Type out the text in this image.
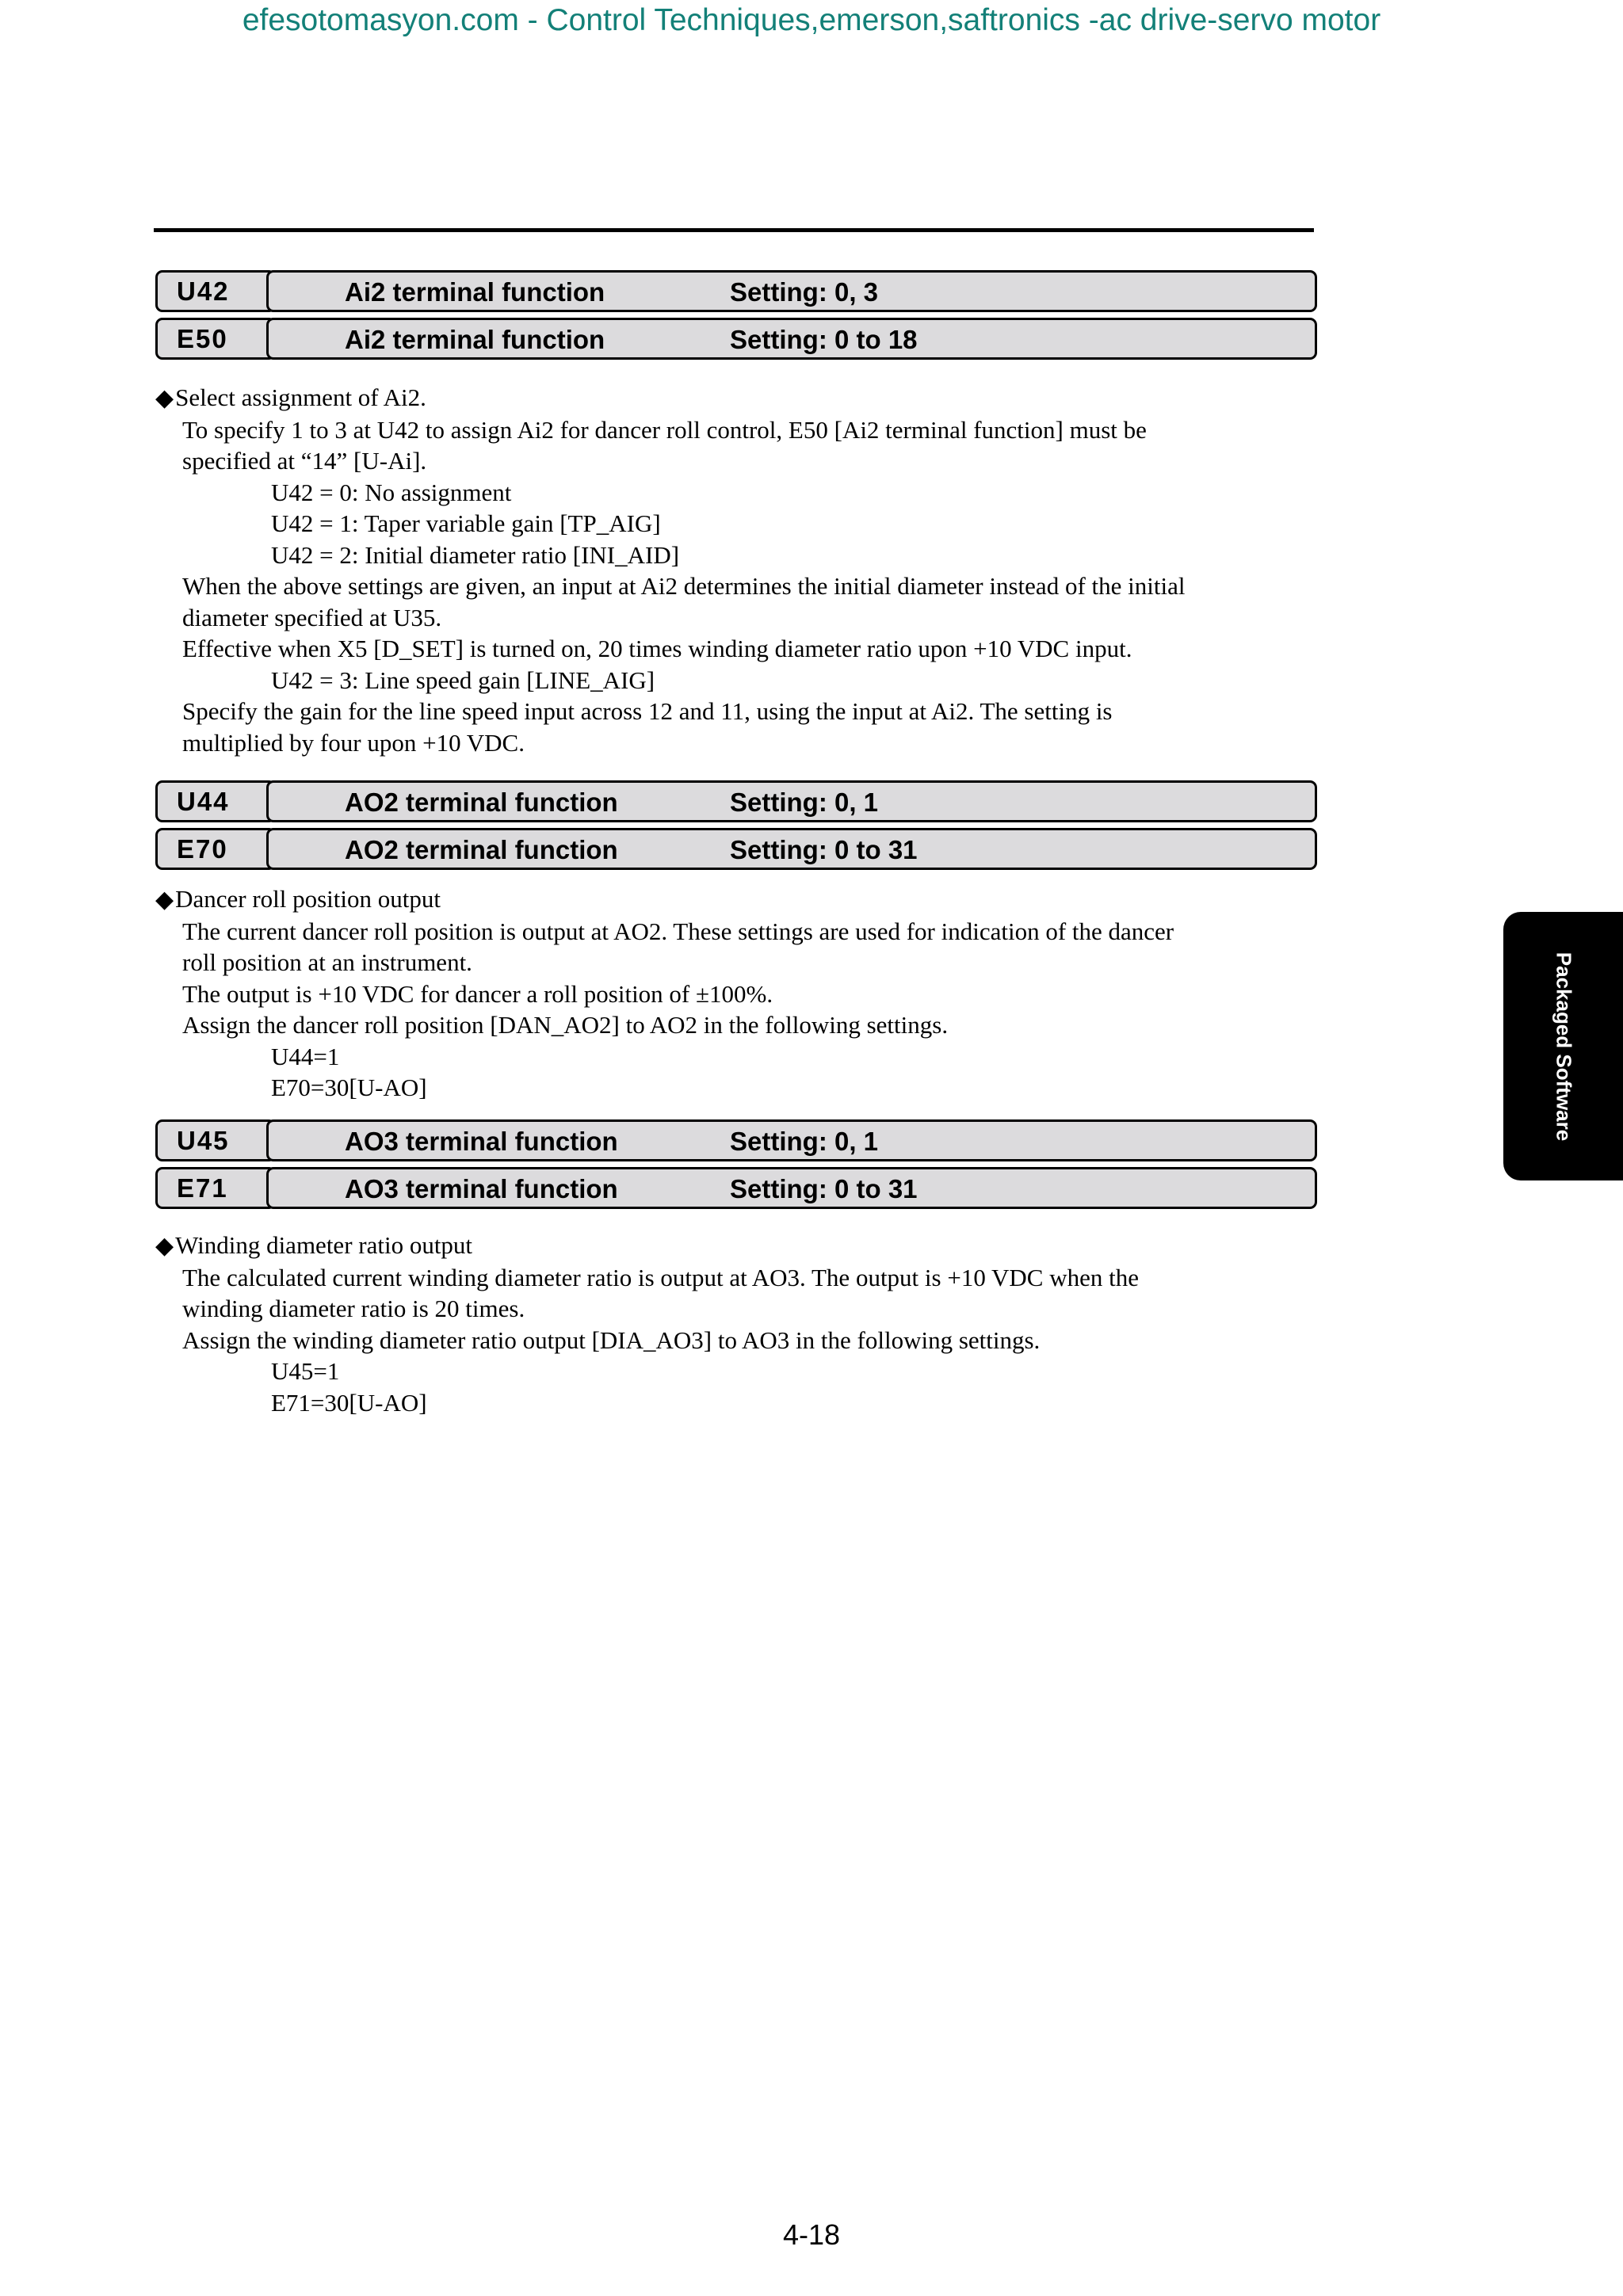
efesotomasyon.com - Control Techniques,emerson,saftronics -ac drive-servo motor
U42	Ai2 terminal function	Setting: 0, 3
E50	Ai2 terminal function	Setting: 0 to 18

◆Select assignment of Ai2.

To specify 1 to 3 at U42 to assign Ai2 for dancer roll control, E50 [Ai2 terminal function] must be

specified at “14” [U-Ai].

U42 = 0: No assignment

U42 = 1: Taper variable gain [TP_AIG]

U42 = 2: Initial diameter ratio [INI_AID]

When the above settings are given, an input at Ai2 determines the initial diameter instead of the initial

diameter specified at U35.

Effective when X5 [D_SET] is turned on, 20 times winding diameter ratio upon +10 VDC input.

U42 = 3: Line speed gain [LINE_AIG]

Specify the gain for the line speed input across 12 and 11, using the input at Ai2. The setting is

multiplied by four upon +10 VDC.

U44	AO2 terminal function	Setting: 0, 1
E70	AO2 terminal function	Setting: 0 to 31

◆Dancer roll position output

The current dancer roll position is output at AO2. These settings are used for indication of the dancer

roll position at an instrument.

The output is +10 VDC for dancer a roll position of ±100%.

Assign the dancer roll position [DAN_AO2] to AO2 in the following settings.

U44=1

E70=30[U-AO]

U45	AO3 terminal function	Setting: 0, 1
E71	AO3 terminal function	Setting: 0 to 31

◆Winding diameter ratio output

The calculated current winding diameter ratio is output at AO3. The output is +10 VDC when the

winding diameter ratio is 20 times.

Assign the winding diameter ratio output [DIA_AO3] to AO3 in the following settings.

U45=1

E71=30[U-AO]

Packaged Software
4-18
